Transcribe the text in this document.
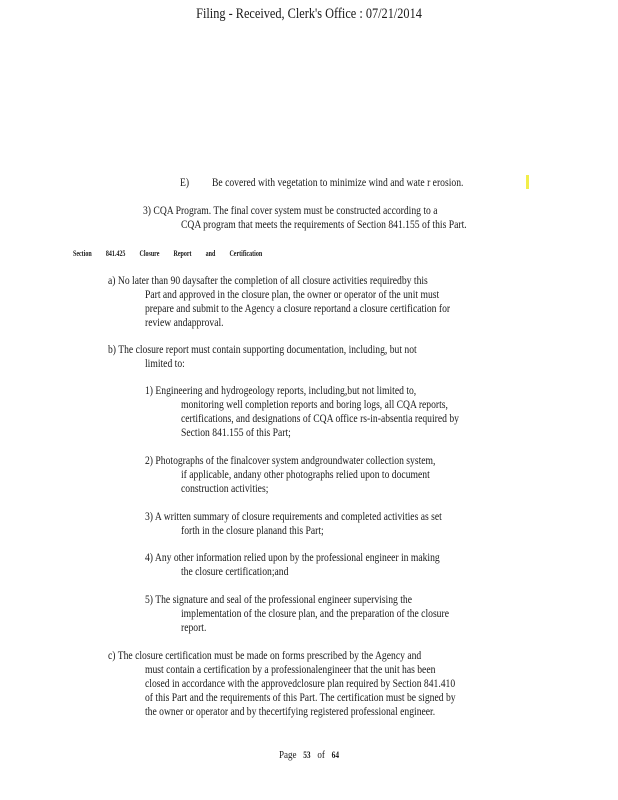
Filing - Received, Clerk's Office : 07/21/2014
E) Be covered with vegetation to minimize wind and wate r erosion.
3) CQA Program. The final cover system must be constructed according to a
CQA program that meets the requirements of Section 841.155 of this Part.
Section 841.425 Closure Report and Certification
a) No later than 90 daysafter the completion of all closure activities requiredby this
Part and approved in the closure plan, the owner or operator of the unit must
prepare and submit to the Agency a closure reportand a closure certification for
review andapproval.
b) The closure report must contain supporting documentation, including, but not
limited to:
1) Engineering and hydrogeology reports, including,but not limited to,
monitoring well completion reports and boring logs, all CQA reports,
certifications, and designations of CQA office rs-in-absentia required by
Section 841.155 of this Part;
2) Photographs of the finalcover system andgroundwater collection system,
if applicable, andany other photographs relied upon to document
construction activities;
3) A written summary of closure requirements and completed activities as set
forth in the closure planand this Part;
4) Any other information relied upon by the professional engineer in making
the closure certification;and
5) The signature and seal of the professional engineer supervising the
implementation of the closure plan, and the preparation of the closure
report.
c) The closure certification must be made on forms prescribed by the Agency and
must contain a certification by a professionalengineer that the unit has been
closed in accordance with the approvedclosure plan required by Section 841.410
of this Part and the requirements of this Part. The certification must be signed by
the owner or operator and by thecertifying registered professional engineer.
Page 53 of 64
